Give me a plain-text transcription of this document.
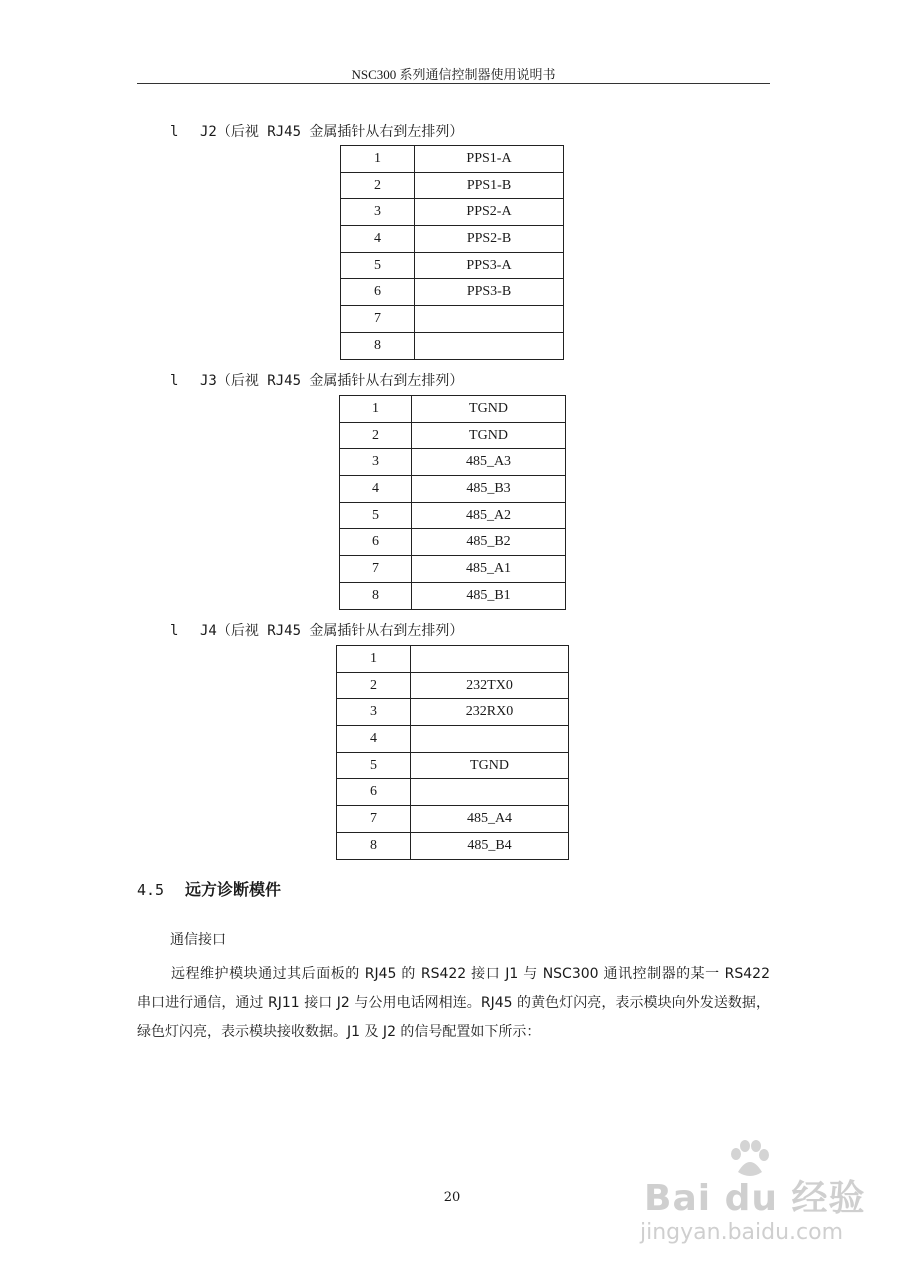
NSC300 系列通信控制器使用说明书
l J2（后视 RJ45 金属插针从右到左排列）
1	PPS1-A
2	PPS1-B
3	PPS2-A
4	PPS2-B
5	PPS3-A
6	PPS3-B
7	
8	
l J3（后视 RJ45 金属插针从右到左排列）
1	TGND
2	TGND
3	485_A3
4	485_B3
5	485_A2
6	485_B2
7	485_A1
8	485_B1
l J4（后视 RJ45 金属插针从右到左排列）
1	
2	232TX0
3	232RX0
4	
5	TGND
6	
7	485_A4
8	485_B4
4.5 远方诊断模件
通信接口
远程维护模块通过其后面板的 RJ45 的 RS422 接口 J1 与 NSC300 通讯控制器的某一 RS422 串口进行通信，通过 RJ11 接口 J2 与公用电话网相连。RJ45 的黄色灯闪亮，表示模块向外发送数据，绿色灯闪亮，表示模块接收数据。J1 及 J2 的信号配置如下所示：
20	Bai du 经验
jingyan.baidu.com
